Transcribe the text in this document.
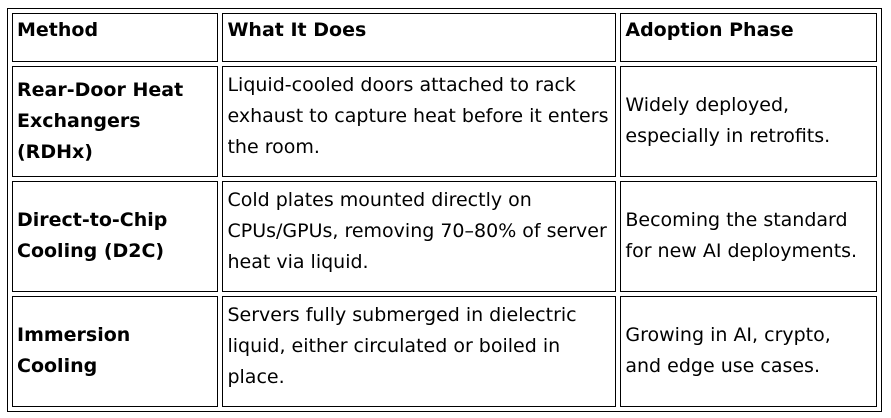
Method	What It Does	Adoption Phase
Rear-Door Heat Exchangers (RDHx)	Liquid-cooled doors attached to rack exhaust to capture heat before it enters the room.	Widely deployed, especially in retrofits.
Direct-to-Chip Cooling (D2C)	Cold plates mounted directly on CPUs/GPUs, removing 70–80% of server heat via liquid.	Becoming the standard for new AI deployments.
Immersion Cooling	Servers fully submerged in dielectric liquid, either circulated or boiled in place.	Growing in AI, crypto, and edge use cases.
